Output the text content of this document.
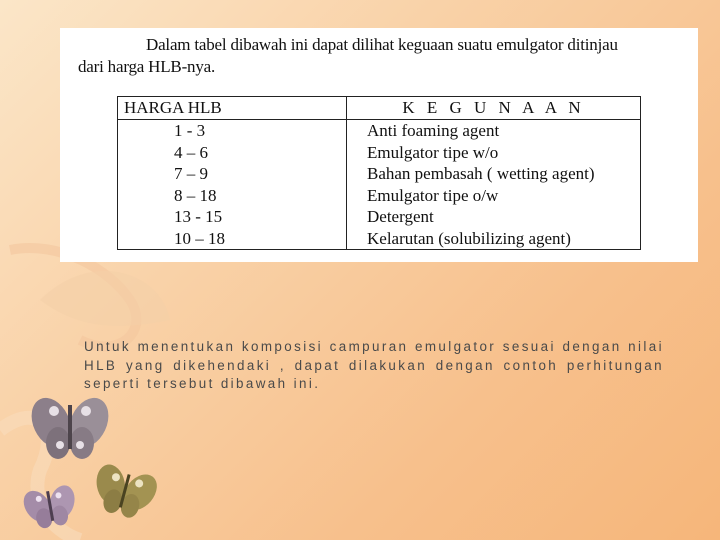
Dalam tabel dibawah ini dapat dilihat keguaan suatu emulgator ditinjau
dari harga HLB-nya.
HARGA HLB	K E G U N A A N
1 - 3	Anti foaming agent
4 – 6	Emulgator tipe w/o
7 – 9	Bahan pembasah ( wetting agent)
8 – 18	Emulgator tipe o/w
13 - 15	Detergent
10 – 18	Kelarutan (solubilizing agent)
Untuk menentukan komposisi campuran emulgator sesuai dengan nilai HLB yang dikehendaki , dapat dilakukan dengan contoh perhitungan seperti tersebut dibawah ini.
